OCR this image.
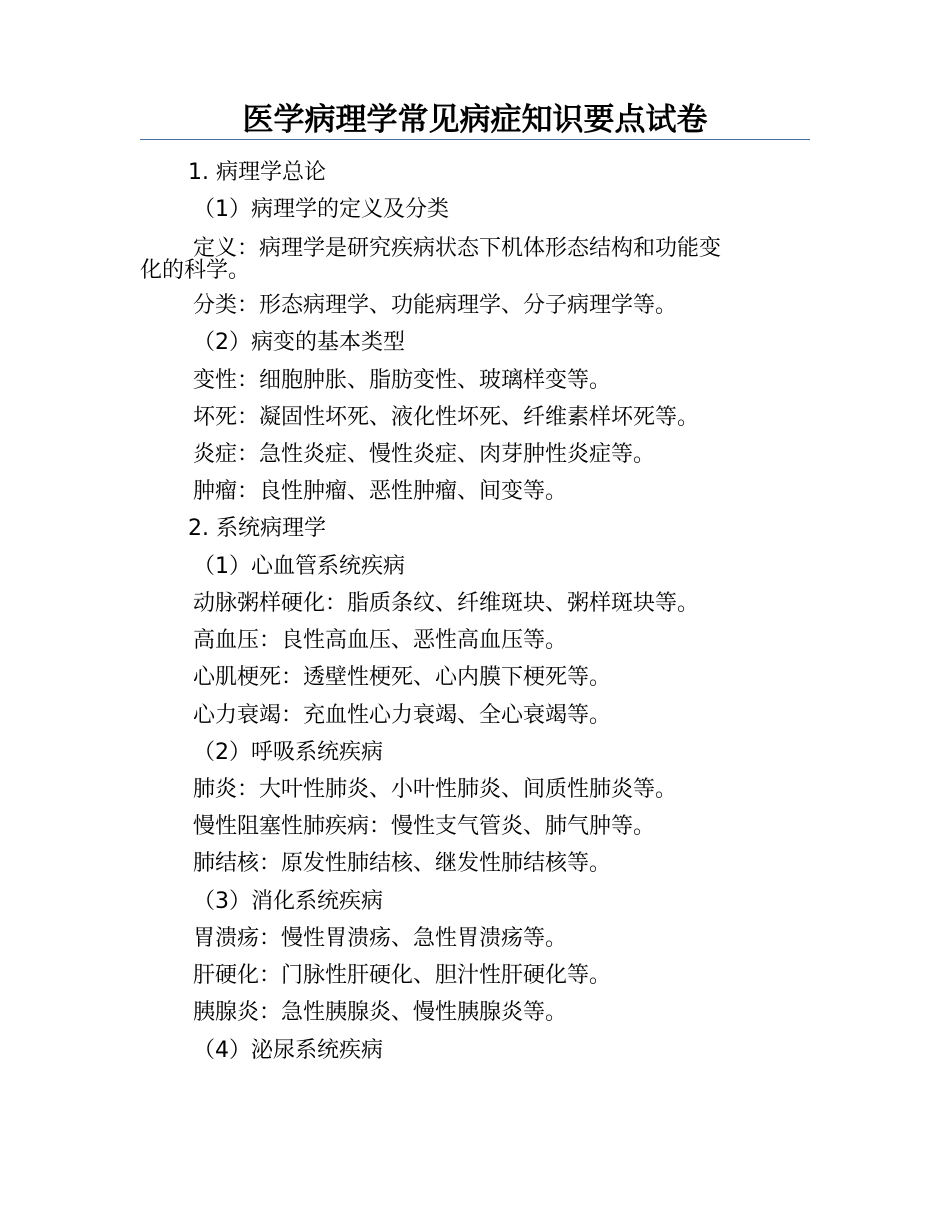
医学病理学常见病症知识要点试卷
1. 病理学总论
（1）病理学的定义及分类
定义：病理学是研究疾病状态下机体形态结构和功能变
化的科学。
分类：形态病理学、功能病理学、分子病理学等。
（2）病变的基本类型
变性：细胞肿胀、脂肪变性、玻璃样变等。
坏死：凝固性坏死、液化性坏死、纤维素样坏死等。
炎症：急性炎症、慢性炎症、肉芽肿性炎症等。
肿瘤：良性肿瘤、恶性肿瘤、间变等。
2. 系统病理学
（1）心血管系统疾病
动脉粥样硬化：脂质条纹、纤维斑块、粥样斑块等。
高血压：良性高血压、恶性高血压等。
心肌梗死：透壁性梗死、心内膜下梗死等。
心力衰竭：充血性心力衰竭、全心衰竭等。
（2）呼吸系统疾病
肺炎：大叶性肺炎、小叶性肺炎、间质性肺炎等。
慢性阻塞性肺疾病：慢性支气管炎、肺气肿等。
肺结核：原发性肺结核、继发性肺结核等。
（3）消化系统疾病
胃溃疡：慢性胃溃疡、急性胃溃疡等。
肝硬化：门脉性肝硬化、胆汁性肝硬化等。
胰腺炎：急性胰腺炎、慢性胰腺炎等。
（4）泌尿系统疾病
